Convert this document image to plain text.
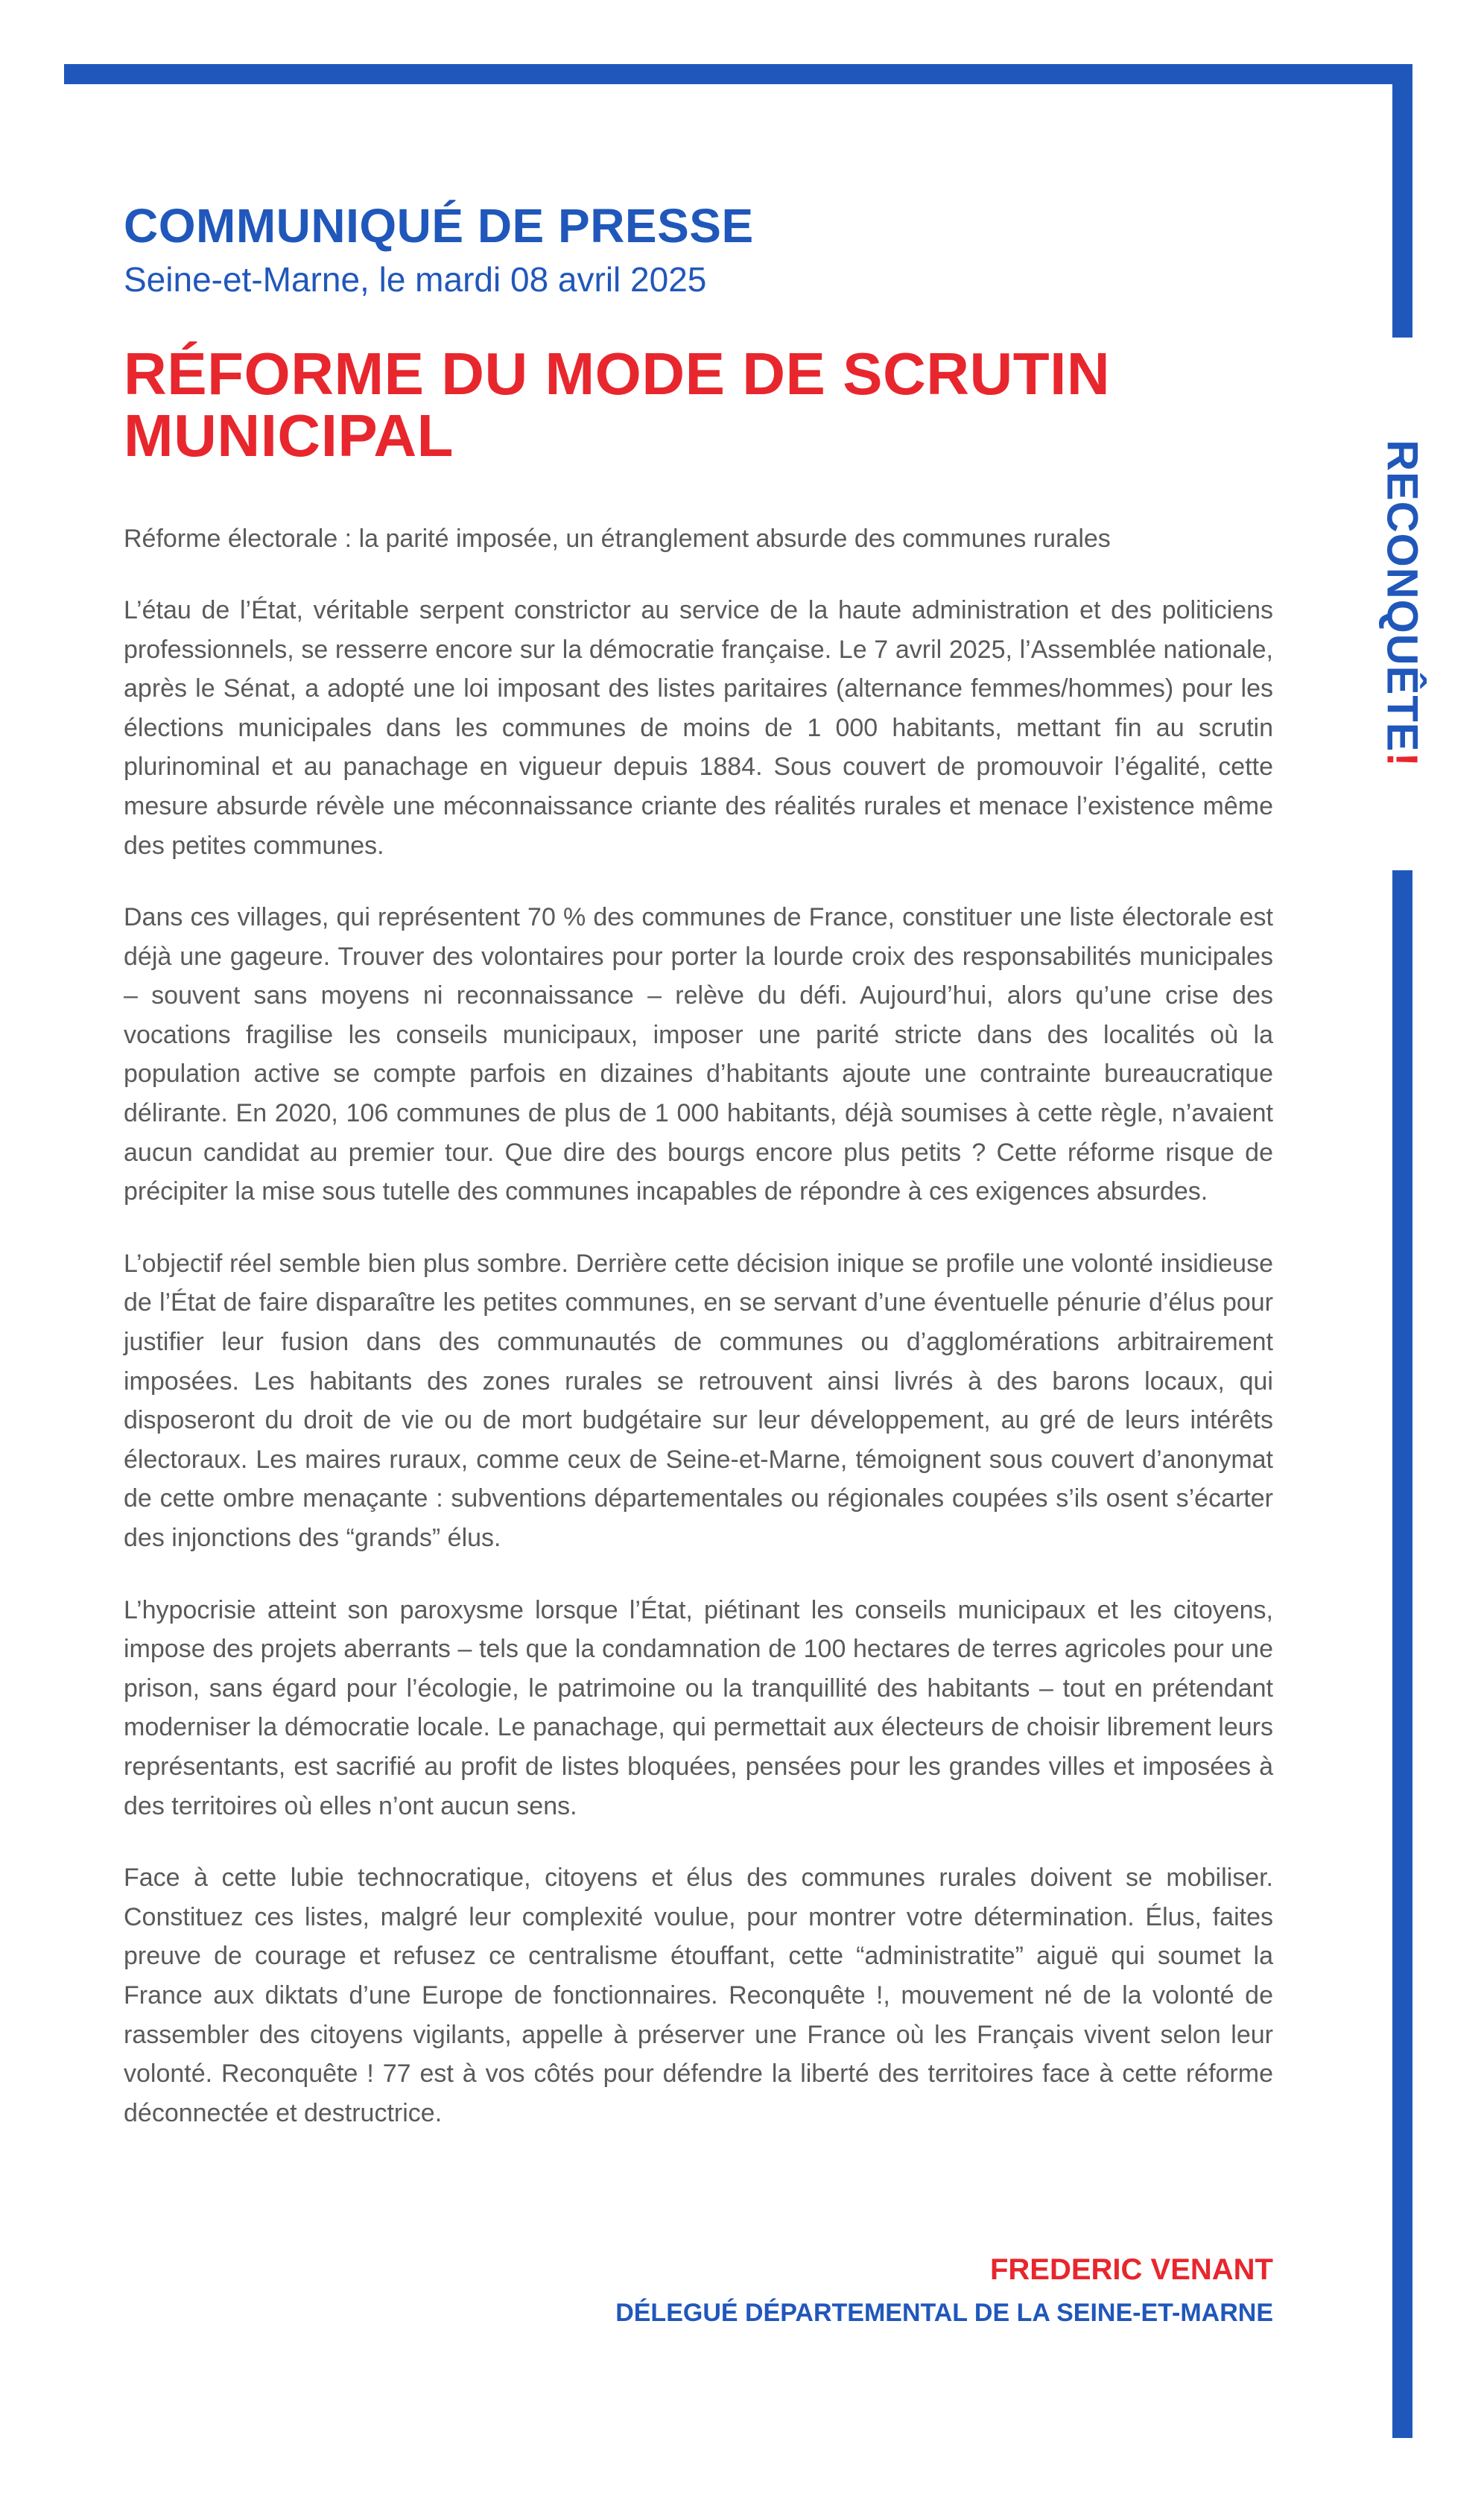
RECONQUÊTE!
COMMUNIQUÉ DE PRESSE

Seine-et-Marne, le mardi 08 avril 2025

RÉFORME DU MODE DE SCRUTIN
MUNICIPAL

Réforme électorale : la parité imposée, un étranglement absurde des communes rurales

L’étau de l’État, véritable serpent constrictor au service de la haute administration et des politiciens professionnels, se resserre encore sur la démocratie française. Le 7 avril 2025, l’Assemblée nationale, après le Sénat, a adopté une loi imposant des listes paritaires (alternance femmes/hommes) pour les élections municipales dans les communes de moins de 1 000 habitants, mettant fin au scrutin plurinominal et au panachage en vigueur depuis 1884. Sous couvert de promouvoir l’égalité, cette mesure absurde révèle une méconnaissance criante des réalités rurales et menace l’existence même des petites communes.

Dans ces villages, qui représentent 70 % des communes de France, constituer une liste électorale est déjà une gageure. Trouver des volontaires pour porter la lourde croix des responsabilités municipales – souvent sans moyens ni reconnaissance – relève du défi. Aujourd’hui, alors qu’une crise des vocations fragilise les conseils municipaux, imposer une parité stricte dans des localités où la population active se compte parfois en dizaines d’habitants ajoute une contrainte bureaucratique délirante. En 2020, 106 communes de plus de 1 000 habitants, déjà soumises à cette règle, n’avaient aucun candidat au premier tour. Que dire des bourgs encore plus petits ? Cette réforme risque de précipiter la mise sous tutelle des communes incapables de répondre à ces exigences absurdes.

L’objectif réel semble bien plus sombre. Derrière cette décision inique se profile une volonté insidieuse de l’État de faire disparaître les petites communes, en se servant d’une éventuelle pénurie d’élus pour justifier leur fusion dans des communautés de communes ou d’agglomérations arbitrairement imposées. Les habitants des zones rurales se retrouvent ainsi livrés à des barons locaux, qui disposeront du droit de vie ou de mort budgétaire sur leur développement, au gré de leurs intérêts électoraux. Les maires ruraux, comme ceux de Seine-et-Marne, témoignent sous couvert d’anonymat de cette ombre menaçante : subventions départementales ou régionales coupées s’ils osent s’écarter des injonctions des “grands” élus.

L’hypocrisie atteint son paroxysme lorsque l’État, piétinant les conseils municipaux et les citoyens, impose des projets aberrants – tels que la condamnation de 100 hectares de terres agricoles pour une prison, sans égard pour l’écologie, le patrimoine ou la tranquillité des habitants – tout en prétendant moderniser la démocratie locale. Le panachage, qui permettait aux électeurs de choisir librement leurs représentants, est sacrifié au profit de listes bloquées, pensées pour les grandes villes et imposées à des territoires où elles n’ont aucun sens.

Face à cette lubie technocratique, citoyens et élus des communes rurales doivent se mobiliser. Constituez ces listes, malgré leur complexité voulue, pour montrer votre détermination. Élus, faites preuve de courage et refusez ce centralisme étouffant, cette “administratite” aiguë qui soumet la France aux diktats d’une Europe de fonctionnaires. Reconquête !, mouvement né de la volonté de rassembler des citoyens vigilants, appelle à préserver une France où les Français vivent selon leur volonté. Reconquête ! 77 est à vos côtés pour défendre la liberté des territoires face à cette réforme déconnectée et destructrice.

FREDERIC VENANT

DÉLEGUÉ DÉPARTEMENTAL DE LA SEINE-ET-MARNE
